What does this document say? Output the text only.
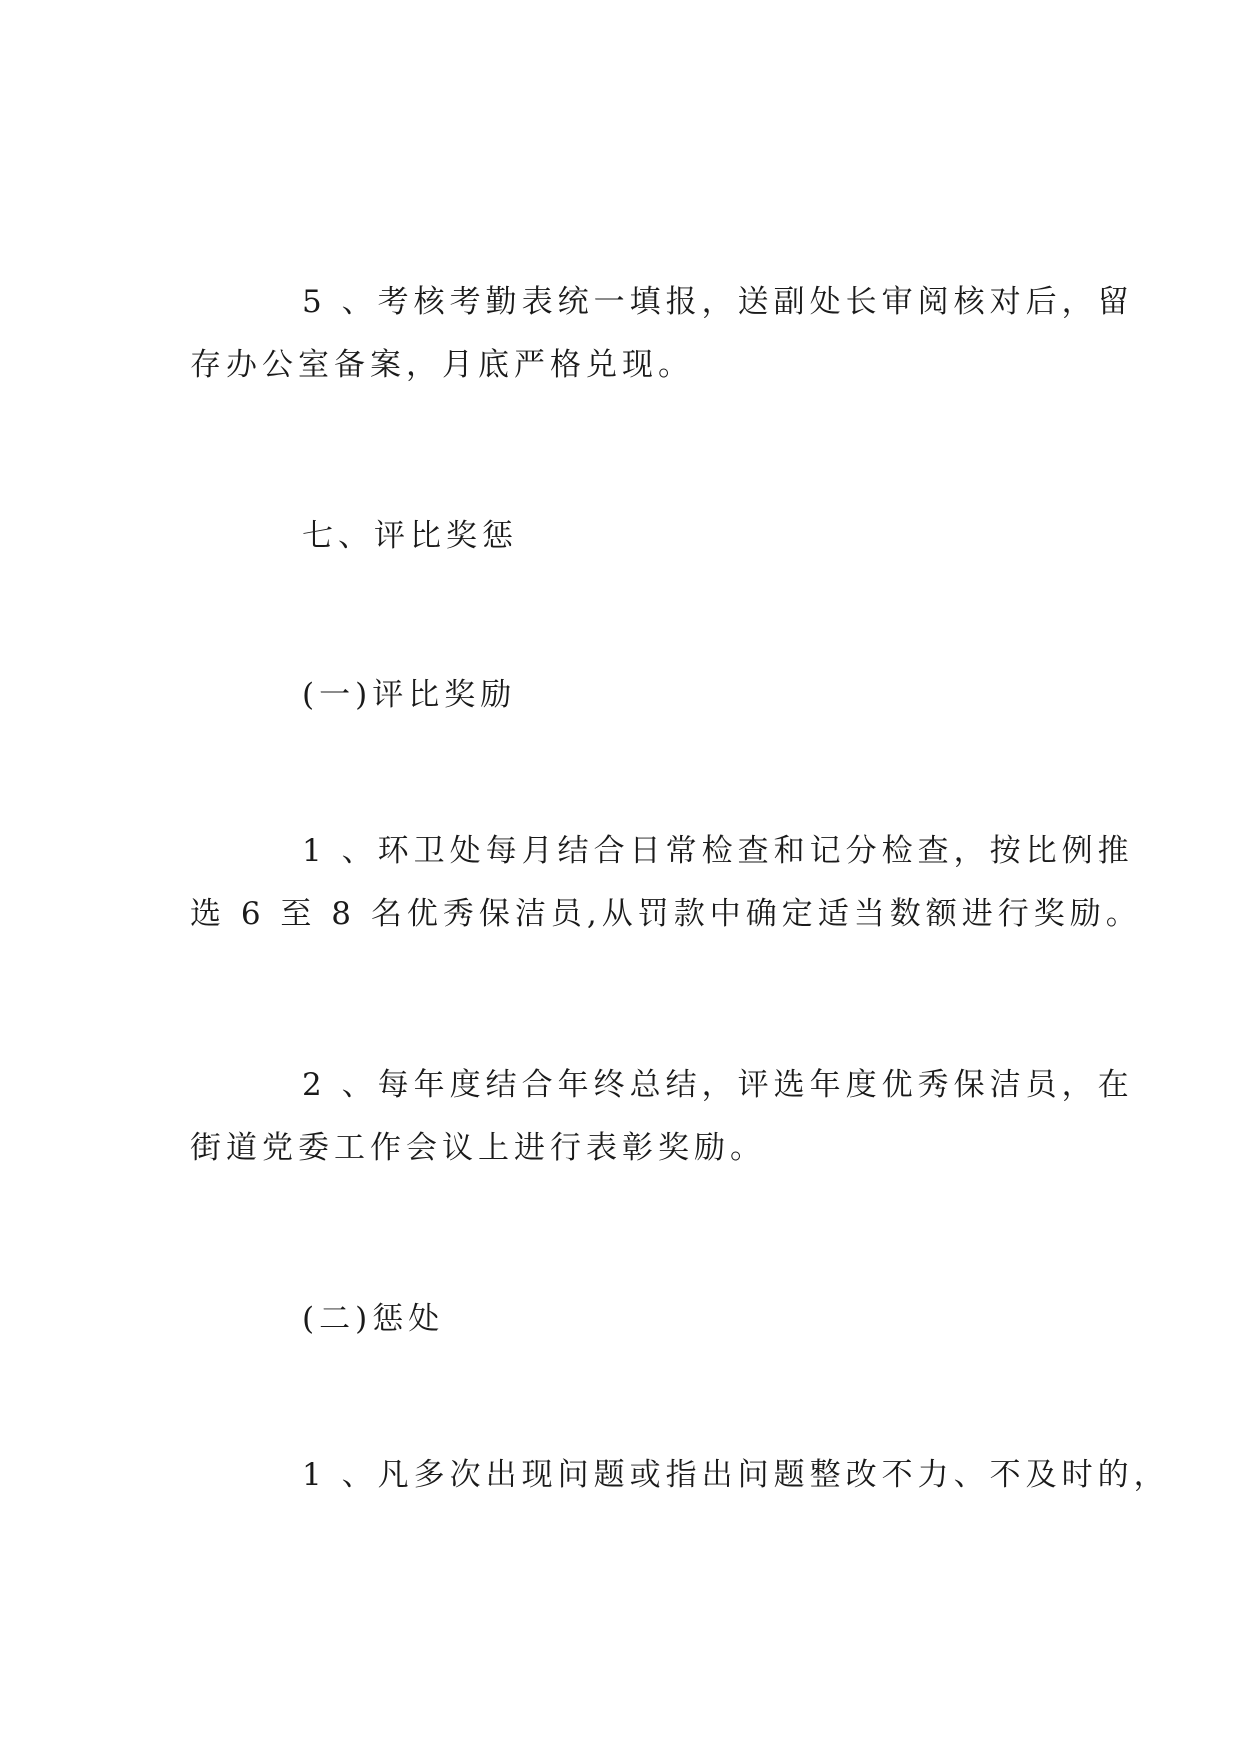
5 、考核考勤表统一填报，送副处长审阅核对后，留
存办公室备案，月底严格兑现。

七、评比奖惩

(一)评比奖励

1 、环卫处每月结合日常检查和记分检查，按比例推
选 6 至 8 名优秀保洁员,从罚款中确定适当数额进行奖励。

2 、每年度结合年终总结，评选年度优秀保洁员，在
街道党委工作会议上进行表彰奖励。

(二)惩处

1 、凡多次出现问题或指出问题整改不力、不及时的，
